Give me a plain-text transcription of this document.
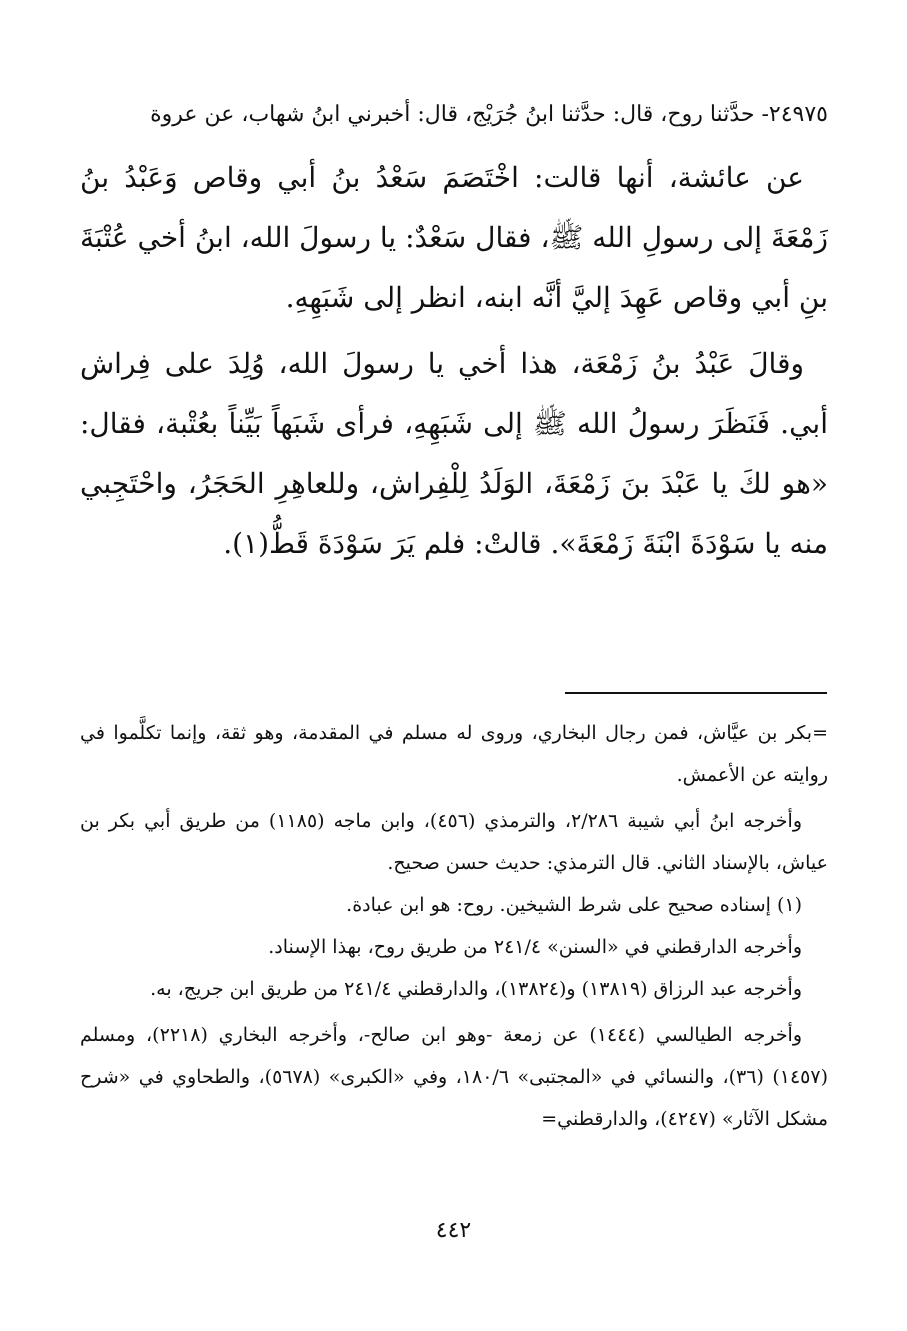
٢٤٩٧٥- حدَّثنا روح، قال: حدَّثنا ابنُ جُرَيْج، قال: أخبرني ابنُ شهاب، عن عروة

عن عائشة، أنها قالت: اخْتَصَمَ سَعْدُ بنُ أبي وقاص وَعَبْدُ بنُ زَمْعَةَ إلى رسولِ الله ﷺ، فقال سَعْدٌ: يا رسولَ الله، ابنُ أخي عُتْبَةَ بنِ أبي وقاص عَهِدَ إليَّ أنَّه ابنه، انظر إلى شَبَهِهِ.

وقالَ عَبْدُ بنُ زَمْعَة، هذا أخي يا رسولَ الله، وُلِدَ على فِراش أبي. فَنَظَرَ رسولُ الله ﷺ إلى شَبَهِهِ، فرأى شَبَهاً بَيِّناً بعُتْبة، فقال: «هو لكَ يا عَبْدَ بنَ زَمْعَةَ، الوَلَدُ لِلْفِراش، وللعاهِرِ الحَجَرُ، واحْتَجِبي منه يا سَوْدَةَ ابْنَةَ زَمْعَةَ». قالتْ: فلم يَرَ سَوْدَةَ قَطُّ(١).

=بكر بن عيَّاش، فمن رجال البخاري، وروى له مسلم في المقدمة، وهو ثقة، وإنما تكلَّموا في روايته عن الأعمش.

وأخرجه ابنُ أبي شيبة ٢/٢٨٦، والترمذي (٤٥٦)، وابن ماجه (١١٨٥) من طريق أبي بكر بن عياش، بالإسناد الثاني. قال الترمذي: حديث حسن صحيح.

(١) إسناده صحيح على شرط الشيخين. روح: هو ابن عبادة.

وأخرجه الدارقطني في «السنن» ٢٤١/٤ من طريق روح، بهذا الإسناد.

وأخرجه عبد الرزاق (١٣٨١٩) و(١٣٨٢٤)، والدارقطني ٢٤١/٤ من طريق ابن جريج، به.

وأخرجه الطيالسي (١٤٤٤) عن زمعة -وهو ابن صالح-، وأخرجه البخاري (٢٢١٨)، ومسلم (١٤٥٧) (٣٦)، والنسائي في «المجتبى» ١٨٠/٦، وفي «الكبرى» (٥٦٧٨)، والطحاوي في «شرح مشكل الآثار» (٤٢٤٧)، والدارقطني=

٤٤٢
